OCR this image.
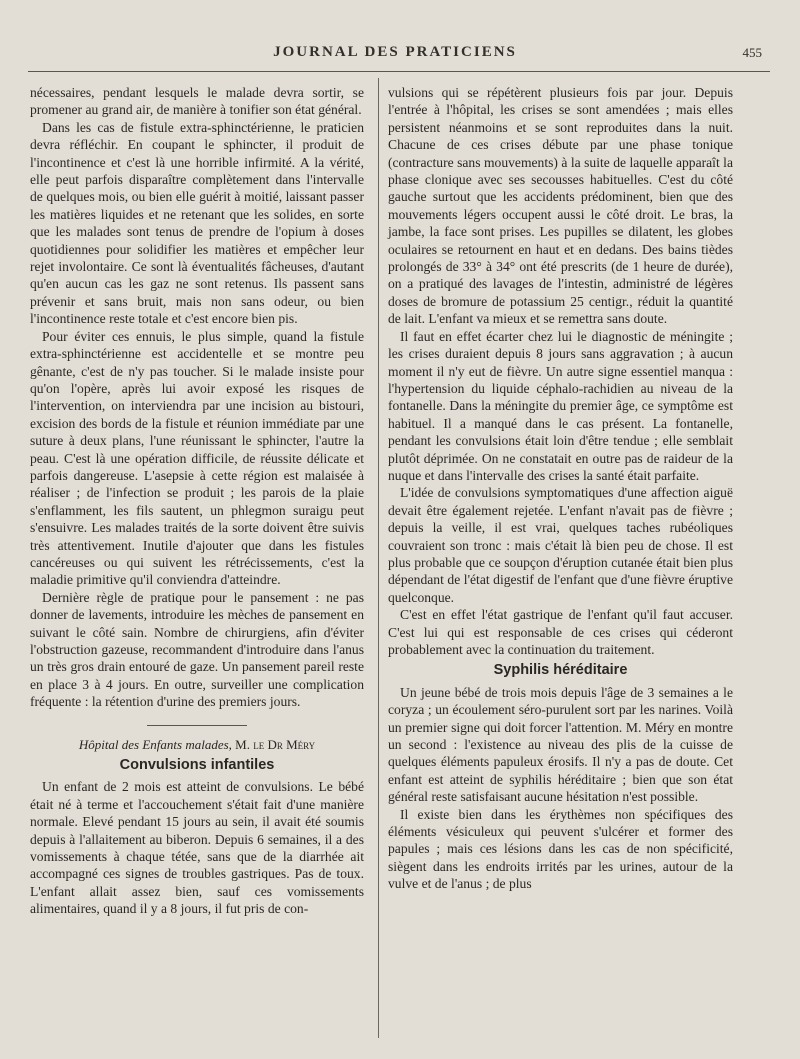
JOURNAL DES PRATICIENS	455

nécessaires, pendant lesquels le malade devra sortir, se promener au grand air, de manière à tonifier son état général.

Dans les cas de fistule extra-sphinctérienne, le praticien devra réfléchir. En coupant le sphincter, il produit de l'incontinence et c'est là une horrible infirmité. A la vérité, elle peut parfois disparaître complètement dans l'intervalle de quelques mois, ou bien elle guérit à moitié, laissant passer les matières liquides et ne retenant que les solides, en sorte que les malades sont tenus de prendre de l'opium à doses quotidiennes pour solidifier les matières et empêcher leur rejet involontaire. Ce sont là éventualités fâcheuses, d'autant qu'en aucun cas les gaz ne sont retenus. Ils passent sans prévenir et sans bruit, mais non sans odeur, ou bien l'incontinence reste totale et c'est encore bien pis.

Pour éviter ces ennuis, le plus simple, quand la fistule extra-sphinctérienne est accidentelle et se montre peu gênante, c'est de n'y pas toucher. Si le malade insiste pour qu'on l'opère, après lui avoir exposé les risques de l'intervention, on interviendra par une incision au bistouri, excision des bords de la fistule et réunion immédiate par une suture à deux plans, l'une réunissant le sphincter, l'autre la peau. C'est là une opération difficile, de réussite délicate et parfois dangereuse. L'asepsie à cette région est malaisée à réaliser ; de l'infection se produit ; les parois de la plaie s'enflamment, les fils sautent, un phlegmon suraigu peut s'ensuivre. Les malades traités de la sorte doivent être suivis très attentivement. Inutile d'ajouter que dans les fistules cancéreuses ou qui suivent les rétrécissements, c'est la maladie primitive qu'il conviendra d'atteindre.

Dernière règle de pratique pour le pansement : ne pas donner de lavements, introduire les mèches de pansement en suivant le côté sain. Nombre de chirurgiens, afin d'éviter l'obstruction gazeuse, recommandent d'introduire dans l'anus un très gros drain entouré de gaze. Un pansement pareil reste en place 3 à 4 jours. En outre, surveiller une complication fréquente : la rétention d'urine des premiers jours.

Hôpital des Enfants malades, M. le Dr Méry
Convulsions infantiles

Un enfant de 2 mois est atteint de convulsions. Le bébé était né à terme et l'accouchement s'était fait d'une manière normale. Elevé pendant 15 jours au sein, il avait été soumis depuis à l'allaitement au biberon. Depuis 6 semaines, il a des vomissements à chaque tétée, sans que de la diarrhée ait accompagné ces signes de troubles gastriques. Pas de toux. L'enfant allait assez bien, sauf ces vomissements alimentaires, quand il y a 8 jours, il fut pris de con-

vulsions qui se répétèrent plusieurs fois par jour. Depuis l'entrée à l'hôpital, les crises se sont amendées ; mais elles persistent néanmoins et se sont reproduites dans la nuit. Chacune de ces crises débute par une phase tonique (contracture sans mouvements) à la suite de laquelle apparaît la phase clonique avec ses secousses habituelles. C'est du côté gauche surtout que les accidents prédominent, bien que des mouvements légers occupent aussi le côté droit. Le bras, la jambe, la face sont prises. Les pupilles se dilatent, les globes oculaires se retournent en haut et en dedans. Des bains tièdes prolongés de 33° à 34° ont été prescrits (de 1 heure de durée), on a pratiqué des lavages de l'intestin, administré de légères doses de bromure de potassium 25 centigr., réduit la quantité de lait. L'enfant va mieux et se remettra sans doute.

Il faut en effet écarter chez lui le diagnostic de méningite ; les crises duraient depuis 8 jours sans aggravation ; à aucun moment il n'y eut de fièvre. Un autre signe essentiel manqua : l'hypertension du liquide céphalo-rachidien au niveau de la fontanelle. Dans la méningite du premier âge, ce symptôme est habituel. Il a manqué dans le cas présent. La fontanelle, pendant les convulsions était loin d'être tendue ; elle semblait plutôt déprimée. On ne constatait en outre pas de raideur de la nuque et dans l'intervalle des crises la santé était parfaite.

L'idée de convulsions symptomatiques d'une affection aiguë devait être également rejetée. L'enfant n'avait pas de fièvre ; depuis la veille, il est vrai, quelques taches rubéoliques couvraient son tronc : mais c'était là bien peu de chose. Il est plus probable que ce soupçon d'éruption cutanée était bien plus dépendant de l'état digestif de l'enfant que d'une fièvre éruptive quelconque.

C'est en effet l'état gastrique de l'enfant qu'il faut accuser. C'est lui qui est responsable de ces crises qui céderont probablement avec la continuation du traitement.

Syphilis héréditaire

Un jeune bébé de trois mois depuis l'âge de 3 semaines a le coryza ; un écoulement séro-purulent sort par les narines. Voilà un premier signe qui doit forcer l'attention. M. Méry en montre un second : l'existence au niveau des plis de la cuisse de quelques éléments papuleux érosifs. Il n'y a pas de doute. Cet enfant est atteint de syphilis héréditaire ; bien que son état général reste satisfaisant aucune hésitation n'est possible.

Il existe bien dans les érythèmes non spécifiques des éléments vésiculeux qui peuvent s'ulcérer et former des papules ; mais ces lésions dans les cas de non spécificité, siègent dans les endroits irrités par les urines, autour de la vulve et de l'anus ; de plus
